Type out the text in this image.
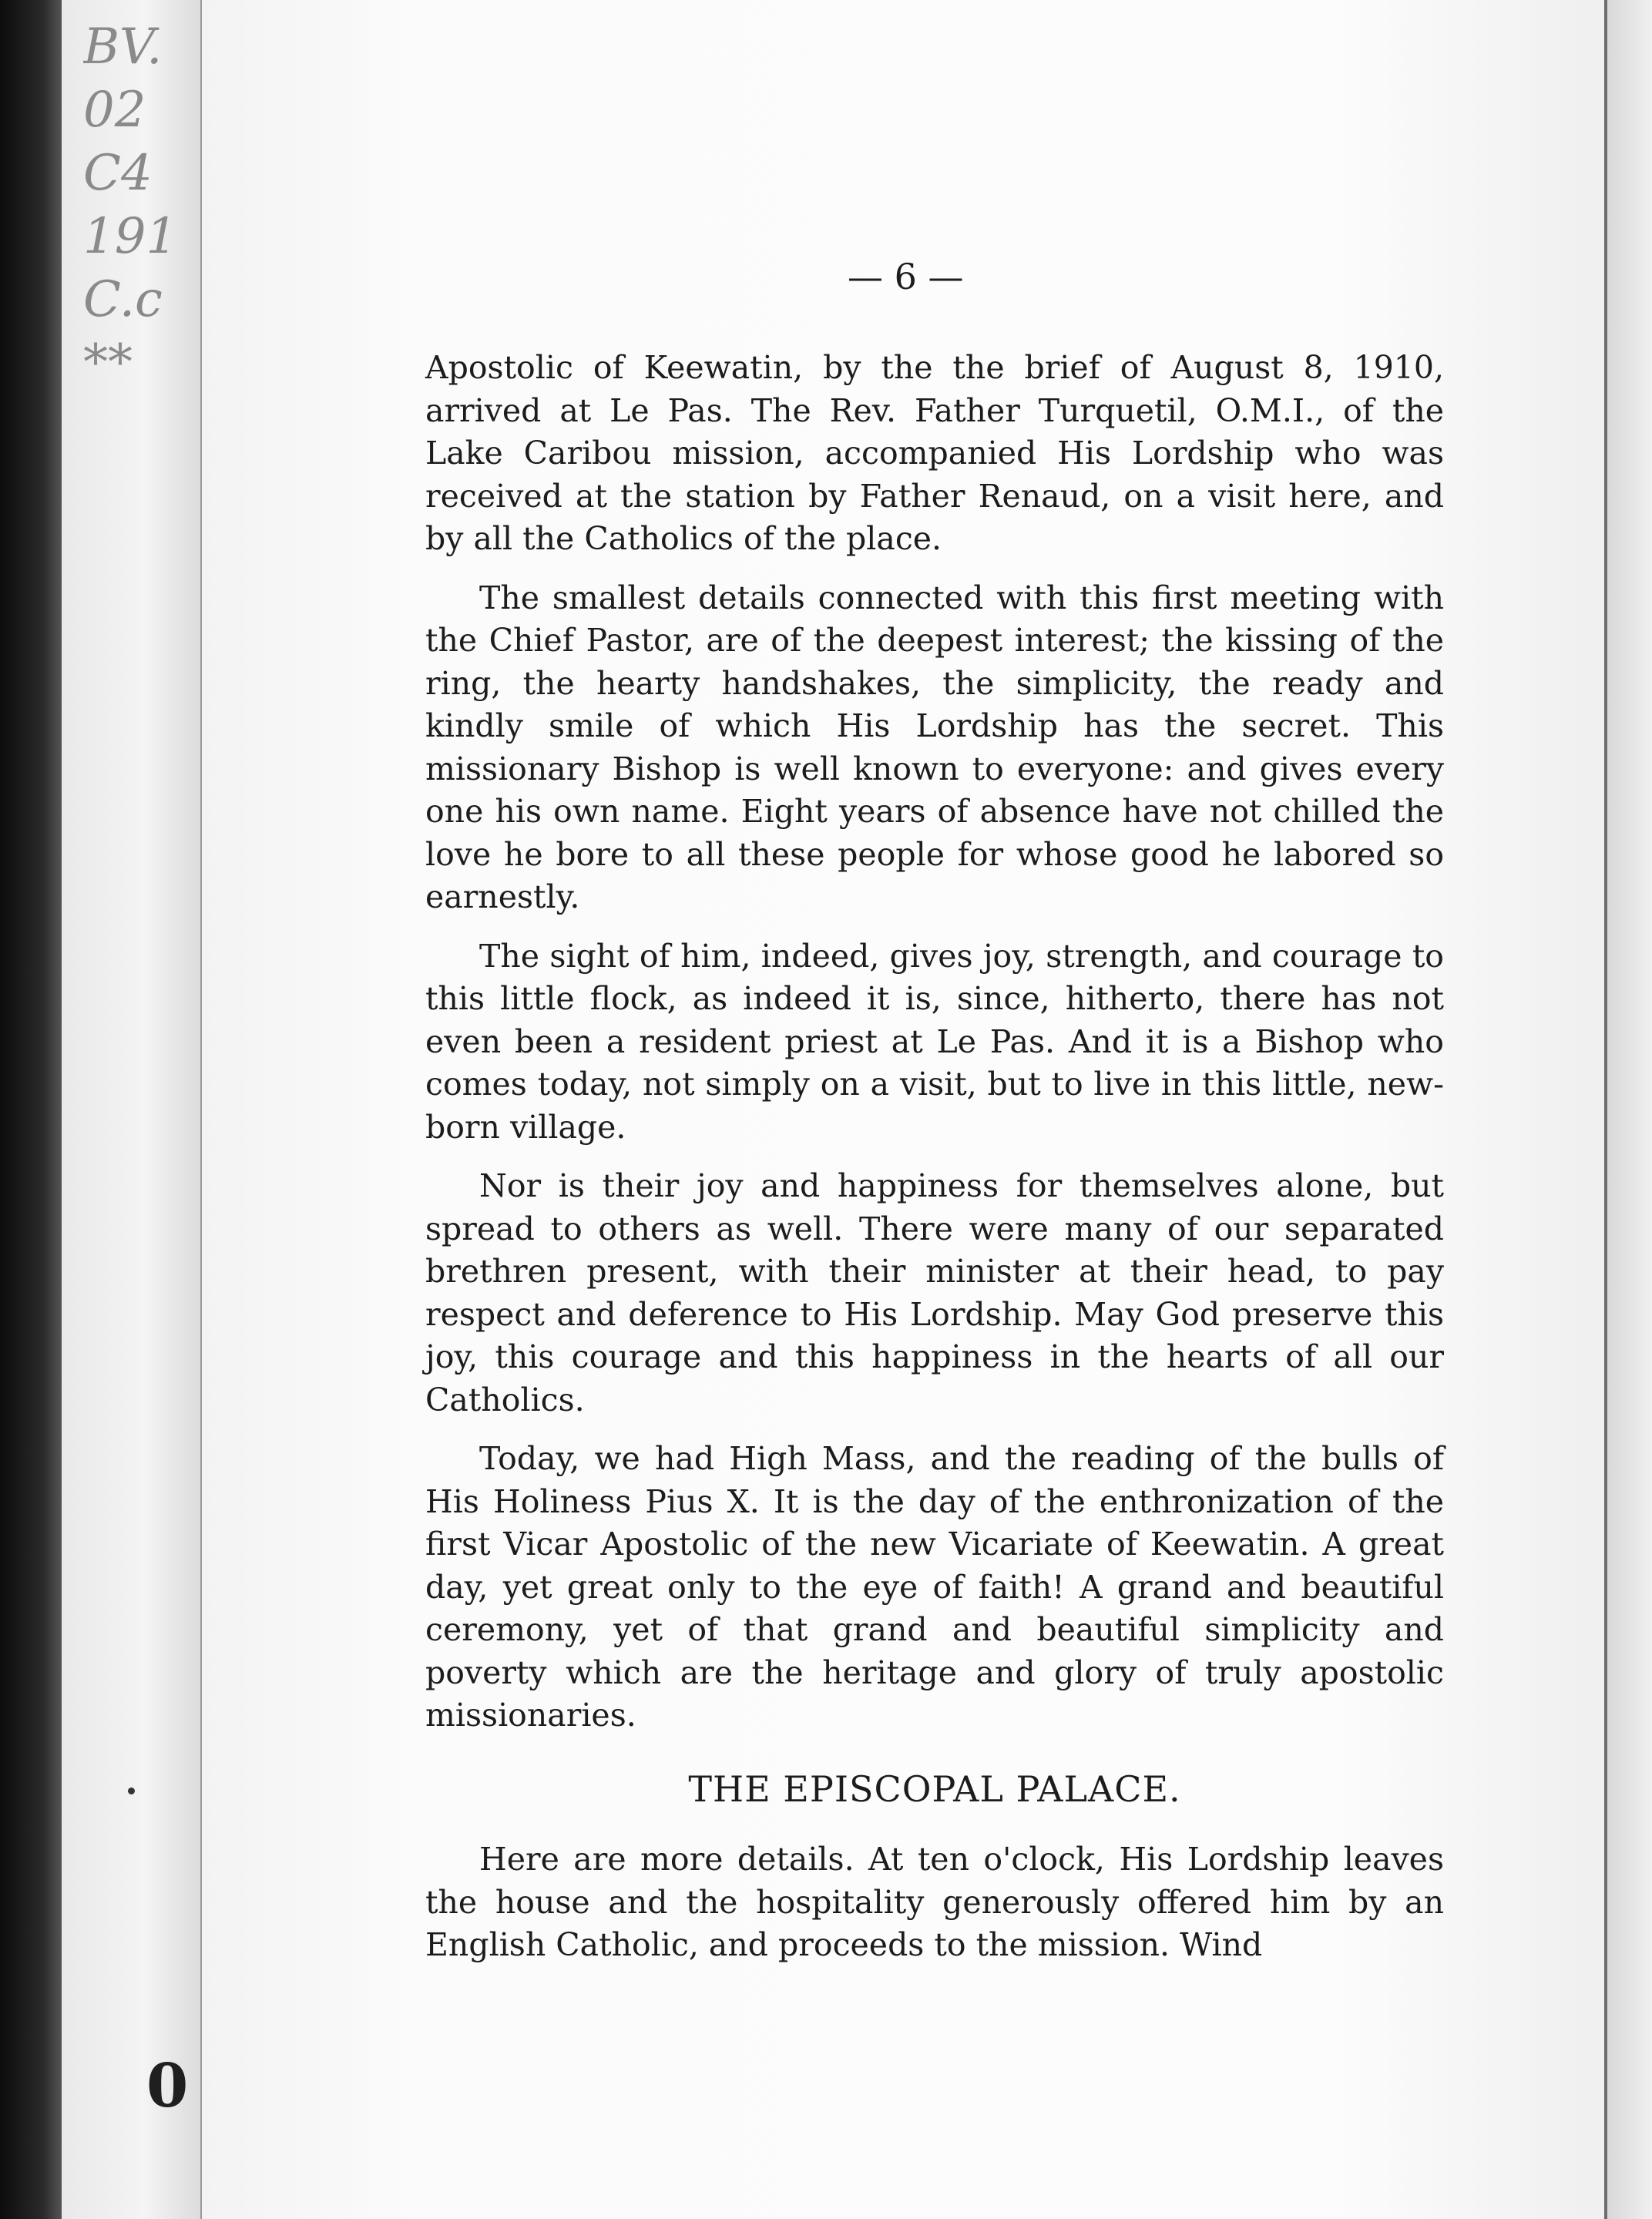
BV.
02
C4
191
C.c
**
0
— 6 —

Apostolic of Keewatin, by the the brief of August 8, 1910, arrived at Le Pas. The Rev. Father Turquetil, O.M.I., of the Lake Caribou mission, accompanied His Lordship who was received at the station by Father Renaud, on a visit here, and by all the Catholics of the place.

The smallest details connected with this first meeting with the Chief Pastor, are of the deepest interest; the kissing of the ring, the hearty handshakes, the simplicity, the ready and kindly smile of which His Lordship has the secret. This missionary Bishop is well known to everyone: and gives every one his own name. Eight years of absence have not chilled the love he bore to all these people for whose good he labored so earnestly.

The sight of him, indeed, gives joy, strength, and courage to this little flock, as indeed it is, since, hitherto, there has not even been a resident priest at Le Pas. And it is a Bishop who comes today, not simply on a visit, but to live in this little, new-born village.

Nor is their joy and happiness for themselves alone, but spread to others as well. There were many of our separated brethren present, with their minister at their head, to pay respect and deference to His Lordship. May God preserve this joy, this courage and this happiness in the hearts of all our Catholics.

Today, we had High Mass, and the reading of the bulls of His Holiness Pius X. It is the day of the enthronization of the first Vicar Apostolic of the new Vicariate of Keewatin. A great day, yet great only to the eye of faith! A grand and beautiful ceremony, yet of that grand and beautiful simplicity and poverty which are the heritage and glory of truly apostolic missionaries.

THE EPISCOPAL PALACE.

Here are more details. At ten o'clock, His Lordship leaves the house and the hospitality generously offered him by an English Catholic, and proceeds to the mission. Wind
